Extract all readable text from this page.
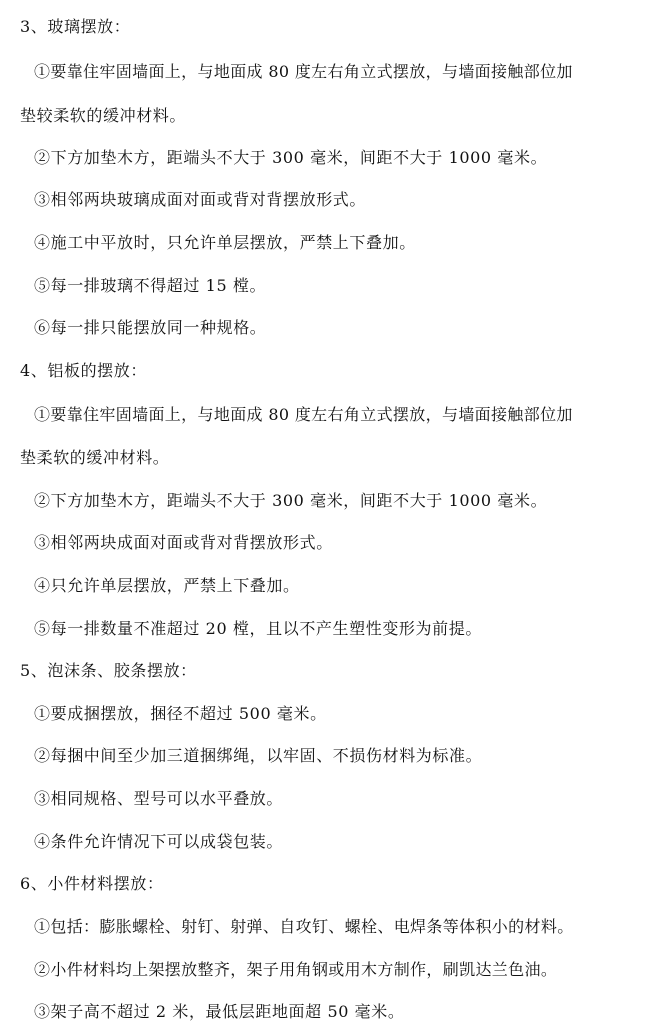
3、玻璃摆放：
①要靠住牢固墙面上，与地面成 80 度左右角立式摆放，与墙面接触部位加
垫较柔软的缓冲材料。
②下方加垫木方，距端头不大于 300 毫米，间距不大于 1000 毫米。
③相邻两块玻璃成面对面或背对背摆放形式。
④施工中平放时，只允许单层摆放，严禁上下叠加。
⑤每一排玻璃不得超过 15 樘。
⑥每一排只能摆放同一种规格。
4、铝板的摆放：
①要靠住牢固墙面上，与地面成 80 度左右角立式摆放，与墙面接触部位加
垫柔软的缓冲材料。
②下方加垫木方，距端头不大于 300 毫米，间距不大于 1000 毫米。
③相邻两块成面对面或背对背摆放形式。
④只允许单层摆放，严禁上下叠加。
⑤每一排数量不准超过 20 樘，且以不产生塑性变形为前提。
5、泡沫条、胶条摆放：
①要成捆摆放，捆径不超过 500 毫米。
②每捆中间至少加三道捆绑绳，以牢固、不损伤材料为标准。
③相同规格、型号可以水平叠放。
④条件允许情况下可以成袋包装。
6、小件材料摆放：
①包括：膨胀螺栓、射钉、射弹、自攻钉、螺栓、电焊条等体积小的材料。
②小件材料均上架摆放整齐，架子用角钢或用木方制作，刷凯达兰色油。
③架子高不超过 2 米，最低层距地面超 50 毫米。
